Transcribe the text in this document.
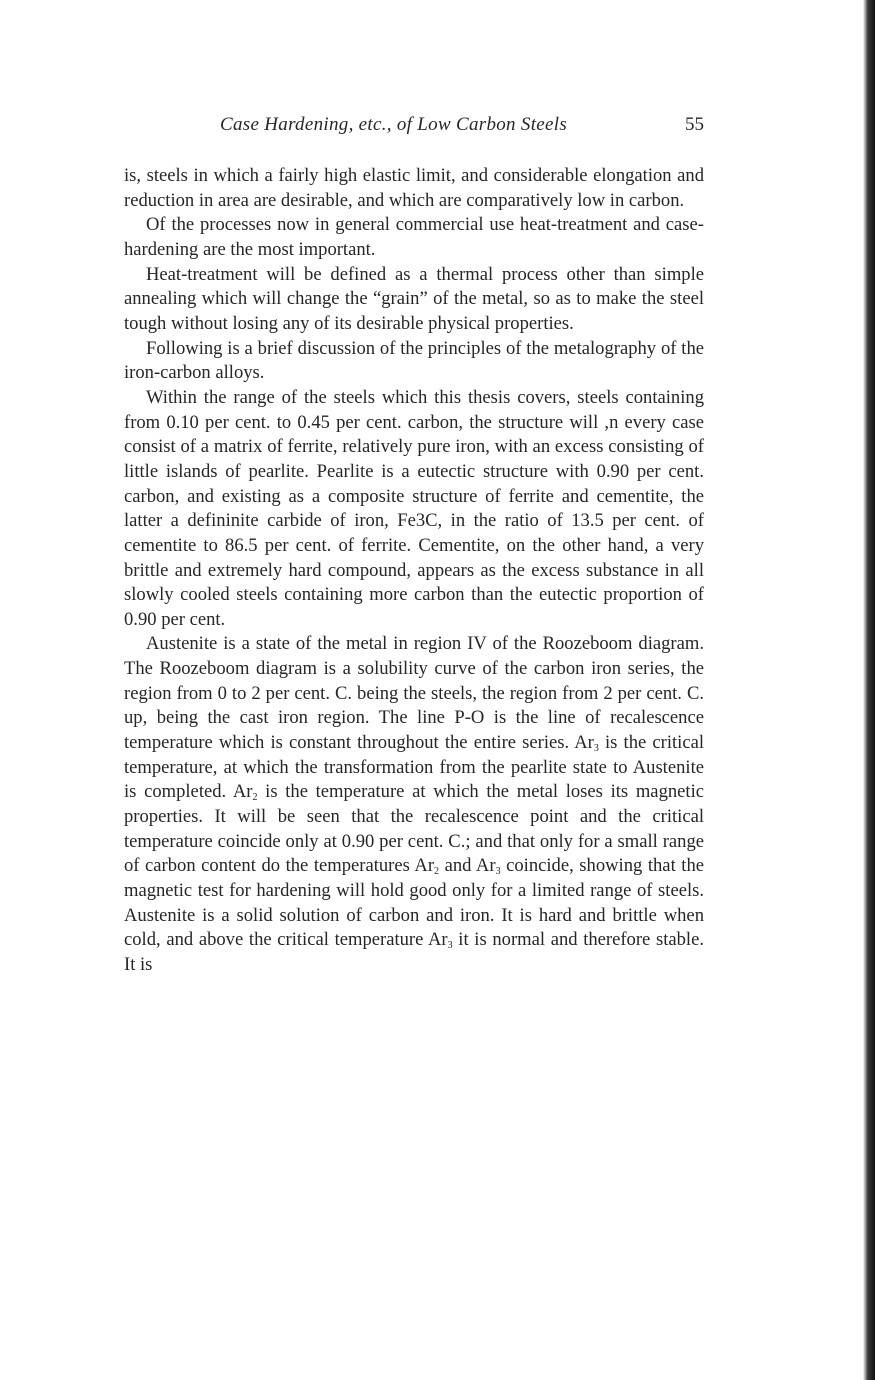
Case Hardening, etc., of Low Carbon Steels	55

is, steels in which a fairly high elastic limit, and considerable elongation and reduction in area are desirable, and which are comparatively low in carbon.

Of the processes now in general commercial use heat-treatment and case-hardening are the most important.

Heat-treatment will be defined as a thermal process other than simple annealing which will change the “grain” of the metal, so as to make the steel tough without losing any of its desirable physical properties.

Following is a brief discussion of the principles of the metalography of the iron-carbon alloys.

Within the range of the steels which this thesis covers, steels containing from 0.10 per cent. to 0.45 per cent. carbon, the structure will ,n every case consist of a matrix of ferrite, relatively pure iron, with an excess consisting of little islands of pearlite. Pearlite is a eutectic structure with 0.90 per cent. carbon, and existing as a composite structure of ferrite and cementite, the latter a defininite carbide of iron, Fe3C, in the ratio of 13.5 per cent. of cementite to 86.5 per cent. of ferrite. Cementite, on the other hand, a very brittle and extremely hard compound, appears as the excess substance in all slowly cooled steels containing more carbon than the eutectic proportion of 0.90 per cent.

Austenite is a state of the metal in region IV of the Roozeboom diagram. The Roozeboom diagram is a solubility curve of the carbon iron series, the region from 0 to 2 per cent. C. being the steels, the region from 2 per cent. C. up, being the cast iron region. The line P-O is the line of recalescence temperature which is constant throughout the entire series. $Ar_3$ is the critical temperature, at which the transformation from the pearlite state to Austenite is completed. $Ar_2$ is the temperature at which the metal loses its magnetic properties. It will be seen that the recalescence point and the critical temperature coincide only at 0.90 per cent. C.; and that only for a small range of carbon content do the temperatures $Ar_2$ and $Ar_3$ coincide, showing that the magnetic test for hardening will hold good only for a limited range of steels. Austenite is a solid solution of carbon and iron. It is hard and brittle when cold, and above the critical temperature $Ar_3$ it is normal and therefore stable. It is
